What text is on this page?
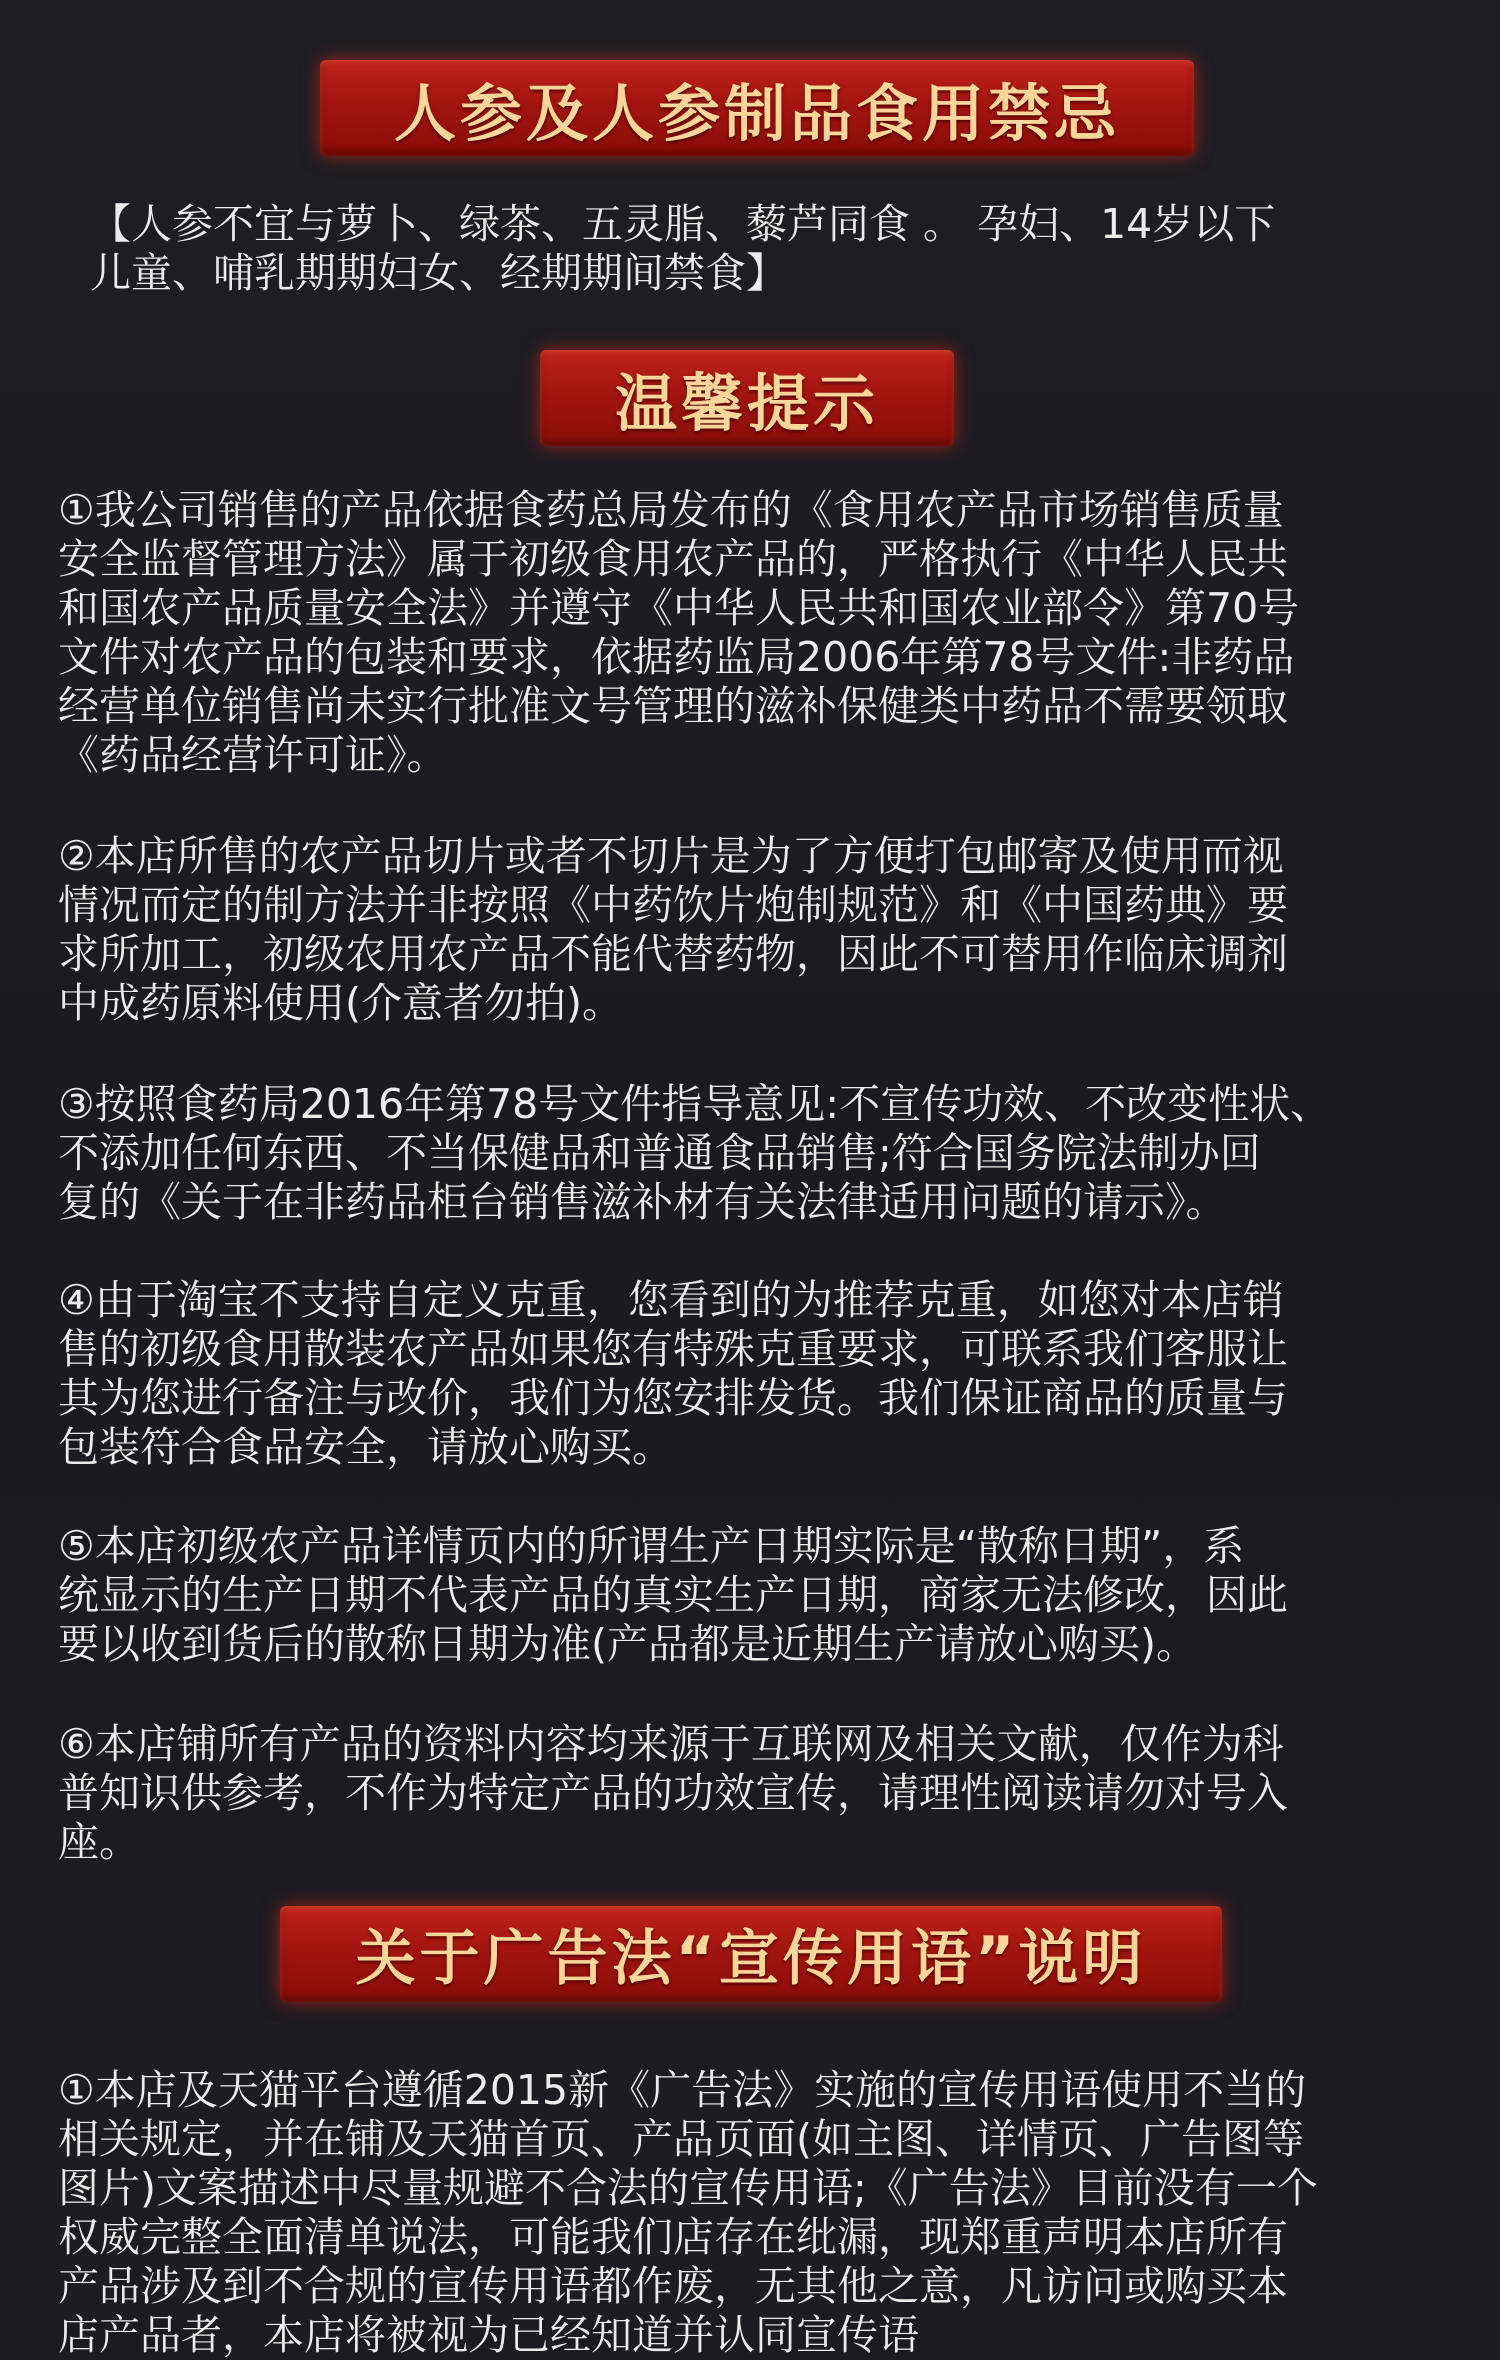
人参及人参制品食用禁忌
【人参不宜与萝卜、绿茶、五灵脂、藜芦同食 。 孕妇、14岁以下
儿童、哺乳期期妇女、经期期间禁食】
温馨提示
①我公司销售的产品依据食药总局发布的《食用农产品市场销售质量
安全监督管理方法》属于初级食用农产品的，严格执行《中华人民共
和国农产品质量安全法》并遵守《中华人民共和国农业部令》第70号
文件对农产品的包装和要求，依据药监局2006年第78号文件:非药品
经营单位销售尚未实行批准文号管理的滋补保健类中药品不需要领取
《药品经营许可证》。
②本店所售的农产品切片或者不切片是为了方便打包邮寄及使用而视
情况而定的制方法并非按照《中药饮片炮制规范》和《中国药典》要
求所加工，初级农用农产品不能代替药物，因此不可替用作临床调剂
中成药原料使用(介意者勿拍)。
③按照食药局2016年第78号文件指导意见:不宣传功效、不改变性状、
不添加任何东西、不当保健品和普通食品销售;符合国务院法制办回
复的《关于在非药品柜台销售滋补材有关法律适用问题的请示》。
④由于淘宝不支持自定义克重，您看到的为推荐克重，如您对本店销
售的初级食用散装农产品如果您有特殊克重要求，可联系我们客服让
其为您进行备注与改价，我们为您安排发货。我们保证商品的质量与
包装符合食品安全，请放心购买。
⑤本店初级农产品详情页内的所谓生产日期实际是“散称日期”，系
统显示的生产日期不代表产品的真实生产日期，商家无法修改，因此
要以收到货后的散称日期为准(产品都是近期生产请放心购买)。
⑥本店铺所有产品的资料内容均来源于互联网及相关文献，仅作为科
普知识供参考，不作为特定产品的功效宣传，请理性阅读请勿对号入
座。
关于广告法“宣传用语”说明
①本店及天猫平台遵循2015新《广告法》实施的宣传用语使用不当的
相关规定，并在铺及天猫首页、产品页面(如主图、详情页、广告图等
图片)文案描述中尽量规避不合法的宣传用语;《广告法》目前没有一个
权威完整全面清单说法，可能我们店存在纰漏，现郑重声明本店所有
产品涉及到不合规的宣传用语都作废，无其他之意，凡访问或购买本
店产品者，本店将被视为已经知道并认同宣传语
